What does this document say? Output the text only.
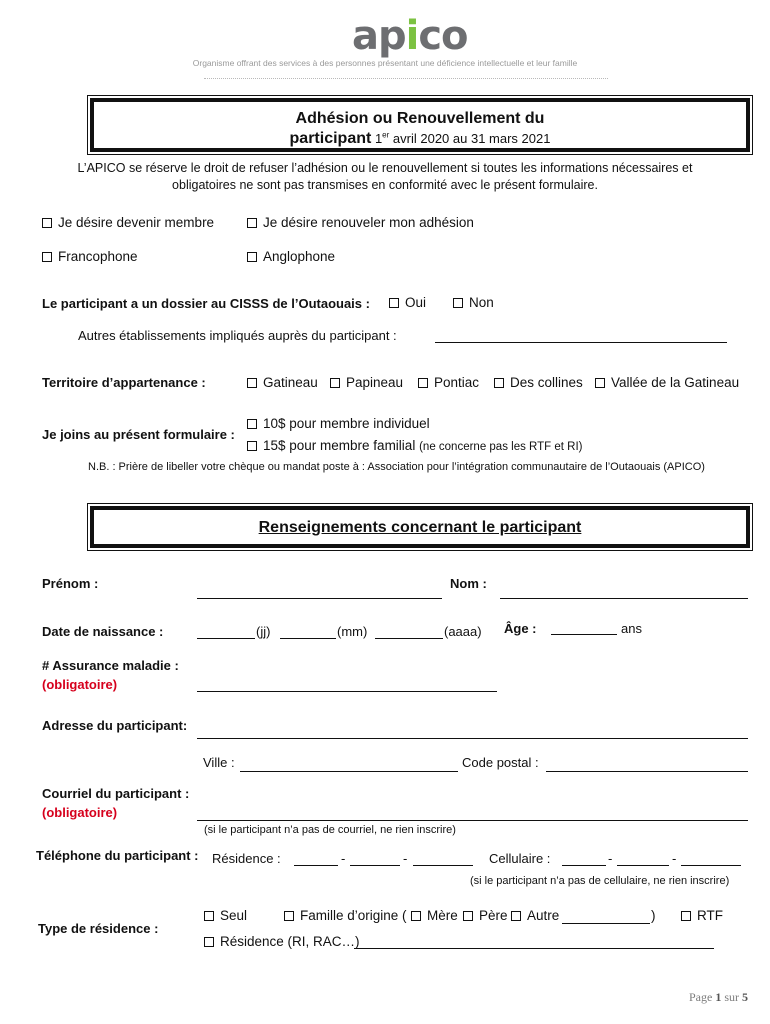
apico
Organisme offrant des services à des personnes présentant une déficience intellectuelle et leur famille
Adhésion ou Renouvellement du
participant 1er avril 2020 au 31 mars 2021
L’APICO se réserve le droit de refuser l’adhésion ou le renouvellement si toutes les informations nécessaires et obligatoires ne sont pas transmises en conformité avec le présent formulaire.
Je désire devenir membre	Je désire renouveler mon adhésion
Francophone	Anglophone
Le participant a un dossier au CISSS de l’Outaouais :	Oui	Non
Autres établissements impliqués auprès du participant :
Territoire d’appartenance :	Gatineau	Papineau	Pontiac	Des collines	Vallée de la Gatineau
Je joins au présent formulaire :
10$ pour membre individuel
15$ pour membre familial (ne concerne pas les RTF et RI)
N.B. : Prière de libeller votre chèque ou mandat poste à : Association pour l’intégration communautaire de l’Outaouais (APICO)
Renseignements concernant le participant
Prénom :	Nom :
Date de naissance :	(jj)	(mm)	(aaaa) Âge :	ans
# Assurance maladie :
(obligatoire)
Adresse du participant:
Ville :	Code postal :
Courriel du participant :
(obligatoire)
(si le participant n’a pas de courriel, ne rien inscrire)
Téléphone du participant : Résidence :	-	-	Cellulaire :	-	-
(si le participant n’a pas de cellulaire, ne rien inscrire)
Type de résidence :
Seul	Famille d’origine (	Mère	Père	Autre	)	RTF
Résidence (RI, RAC…)
Page 1 sur 5
